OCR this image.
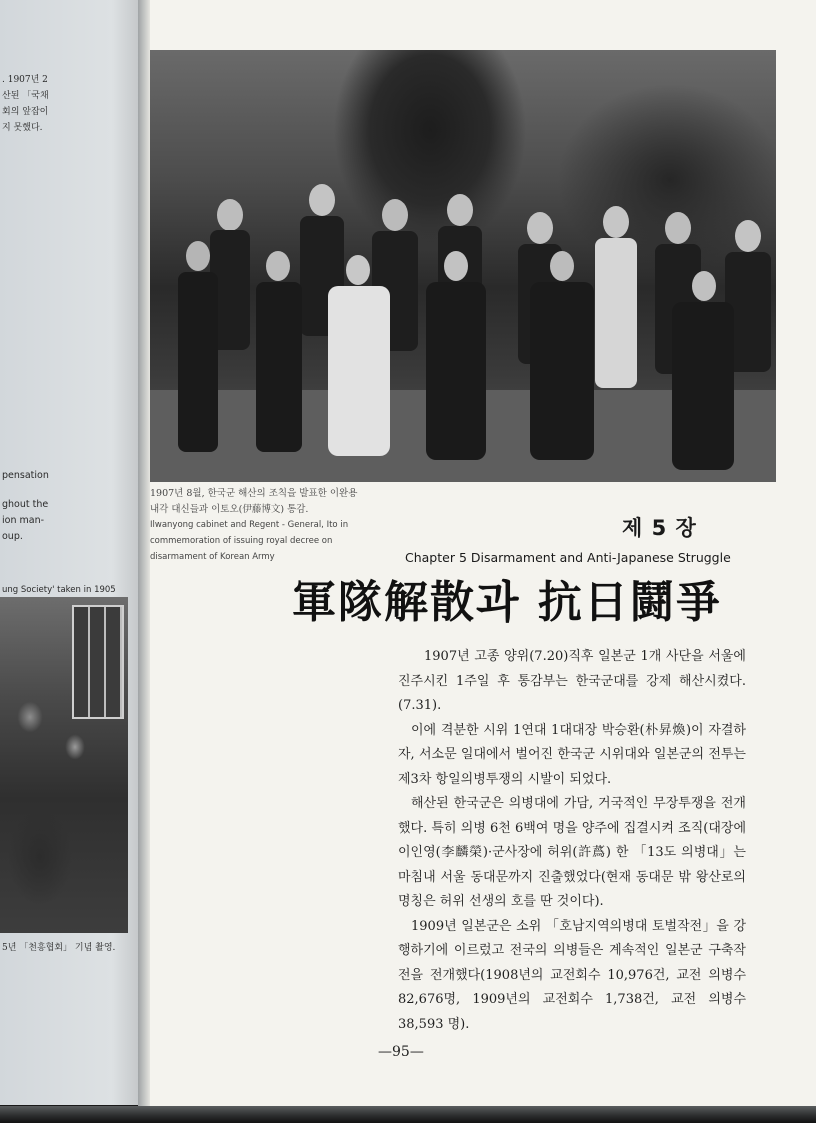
. 1907년 2
산된 「국채
회의 앞잡이
지 못했다.
pensation
ghout the
ion man-
oup.
ung Society' taken in 1905
5년 「천흥협회」 기념 촬영.
1907년 8월, 한국군 해산의 조칙을 발표한 이완용
내각 대신들과 이토오(伊藤博文) 통감.
Ilwanyong cabinet and Regent - General, Ito in commemoration of issuing royal decree on disarmament of Korean Army
제 5 장
Chapter 5 Disarmament and Anti-Japanese Struggle
軍隊解散과 抗日鬪爭

1907년 고종 양위(7.20)직후 일본군 1개 사단을 서울에 진주시킨 1주일 후 통감부는 한국군대를 강제 해산시켰다. (7.31).

이에 격분한 시위 1연대 1대대장 박승환(朴昇煥)이 자결하자, 서소문 일대에서 벌어진 한국군 시위대와 일본군의 전투는 제3차 항일의병투쟁의 시발이 되었다.

해산된 한국군은 의병대에 가담, 거국적인 무장투쟁을 전개했다. 특히 의병 6천 6백여 명을 양주에 집결시켜 조직(대장에 이인영(李麟榮)·군사장에 허위(許蔿) 한 「13도 의병대」는 마침내 서울 동대문까지 진출했었다(현재 동대문 밖 왕산로의 명칭은 허위 선생의 호를 딴 것이다).

1909년 일본군은 소위 「호남지역의병대 토벌작전」을 강행하기에 이르렀고 전국의 의병들은 계속적인 일본군 구축작전을 전개했다(1908년의 교전회수 10,976건, 교전 의병수 82,676명, 1909년의 교전회수 1,738건, 교전 의병수 38,593 명).

—95—
